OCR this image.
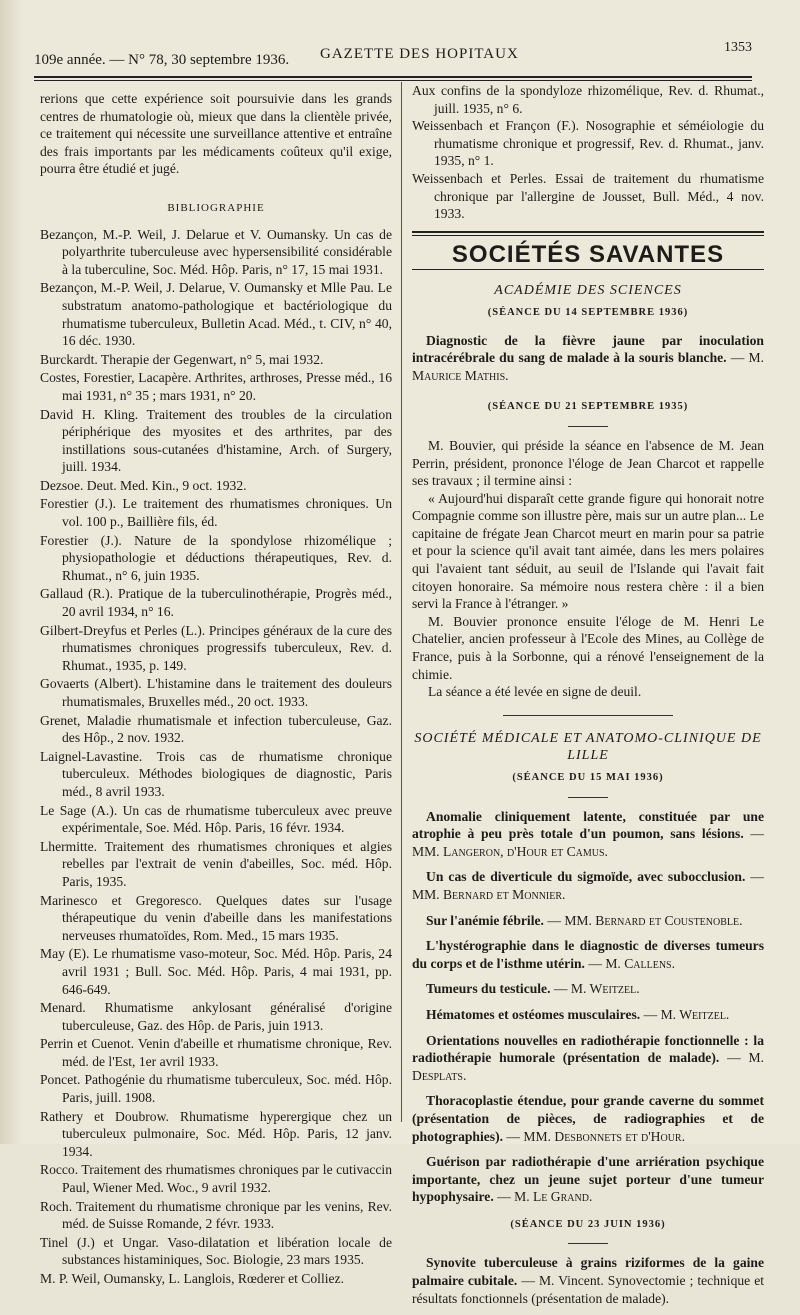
109e année. — N° 78, 30 septembre 1936. GAZETTE DES HOPITAUX	1353

rerions que cette expérience soit poursuivie dans les grands centres de rhumatologie où, mieux que dans la clientèle privée, ce traitement qui nécessite une surveillance attentive et entraîne des frais importants par les médicaments coûteux qu'il exige, pourra être étudié et jugé.

BIBLIOGRAPHIE

Bezançon, M.-P. Weil, J. Delarue et V. Oumansky. Un cas de polyarthrite tuberculeuse avec hypersensibilité considérable à la tuberculine, Soc. Méd. Hôp. Paris, n° 17, 15 mai 1931.

Bezançon, M.-P. Weil, J. Delarue, V. Oumansky et Mlle Pau. Le substratum anatomo-pathologique et bactériologique du rhumatisme tuberculeux, Bulletin Acad. Méd., t. CIV, n° 40, 16 déc. 1930.

Burckardt. Therapie der Gegenwart, n° 5, mai 1932.

Costes, Forestier, Lacapère. Arthrites, arthroses, Presse méd., 16 mai 1931, n° 35 ; mars 1931, n° 20.

David H. Kling. Traitement des troubles de la circulation périphérique des myosites et des arthrites, par des instillations sous-cutanées d'histamine, Arch. of Surgery, juill. 1934.

Dezsoe. Deut. Med. Kin., 9 oct. 1932.

Forestier (J.). Le traitement des rhumatismes chroniques. Un vol. 100 p., Baillière fils, éd.

Forestier (J.). Nature de la spondylose rhizomélique ; physiopathologie et déductions thérapeutiques, Rev. d. Rhumat., n° 6, juin 1935.

Gallaud (R.). Pratique de la tuberculinothérapie, Progrès méd., 20 avril 1934, n° 16.

Gilbert-Dreyfus et Perles (L.). Principes généraux de la cure des rhumatismes chroniques progressifs tuberculeux, Rev. d. Rhumat., 1935, p. 149.

Govaerts (Albert). L'histamine dans le traitement des douleurs rhumatismales, Bruxelles méd., 20 oct. 1933.

Grenet, Maladie rhumatismale et infection tuberculeuse, Gaz. des Hôp., 2 nov. 1932.

Laignel-Lavastine. Trois cas de rhumatisme chronique tuberculeux. Méthodes biologiques de diagnostic, Paris méd., 8 avril 1933.

Le Sage (A.). Un cas de rhumatisme tuberculeux avec preuve expérimentale, Soe. Méd. Hôp. Paris, 16 févr. 1934.

Lhermitte. Traitement des rhumatismes chroniques et algies rebelles par l'extrait de venin d'abeilles, Soc. méd. Hôp. Paris, 1935.

Marinesco et Gregoresco. Quelques dates sur l'usage thérapeutique du venin d'abeille dans les manifestations nerveuses rhumatoïdes, Rom. Med., 15 mars 1935.

May (E). Le rhumatisme vaso-moteur, Soc. Méd. Hôp. Paris, 24 avril 1931 ; Bull. Soc. Méd. Hôp. Paris, 4 mai 1931, pp. 646-649.

Menard. Rhumatisme ankylosant généralisé d'origine tuberculeuse, Gaz. des Hôp. de Paris, juin 1913.

Perrin et Cuenot. Venin d'abeille et rhumatisme chronique, Rev. méd. de l'Est, 1er avril 1933.

Poncet. Pathogénie du rhumatisme tuberculeux, Soc. méd. Hôp. Paris, juill. 1908.

Rathery et Doubrow. Rhumatisme hyperergique chez un tuberculeux pulmonaire, Soc. Méd. Hôp. Paris, 12 janv. 1934.

Rocco. Traitement des rhumatismes chroniques par le cutivaccin Paul, Wiener Med. Woc., 9 avril 1932.

Roch. Traitement du rhumatisme chronique par les venins, Rev. méd. de Suisse Romande, 2 févr. 1933.

Tinel (J.) et Ungar. Vaso-dilatation et libération locale de substances histaminiques, Soc. Biologie, 23 mars 1935.

M. P. Weil, Oumansky, L. Langlois, Rœderer et Colliez.

Aux confins de la spondyloze rhizomélique, Rev. d. Rhumat., juill. 1935, n° 6.

Weissenbach et Françon (F.). Nosographie et séméiologie du rhumatisme chronique et progressif, Rev. d. Rhumat., janv. 1935, n° 1.

Weissenbach et Perles. Essai de traitement du rhumatisme chronique par l'allergine de Jousset, Bull. Méd., 4 nov. 1933.

SOCIÉTÉS SAVANTES
ACADÉMIE DES SCIENCES
(SÉANCE DU 14 SEPTEMBRE 1936)

Diagnostic de la fièvre jaune par inoculation intracérébrale du sang de malade à la souris blanche. — M. Maurice Mathis.

(SÉANCE DU 21 SEPTEMBRE 1935)

M. Bouvier, qui préside la séance en l'absence de M. Jean Perrin, président, prononce l'éloge de Jean Charcot et rappelle ses travaux ; il termine ainsi :

« Aujourd'hui disparaît cette grande figure qui honorait notre Compagnie comme son illustre père, mais sur un autre plan... Le capitaine de frégate Jean Charcot meurt en marin pour sa patrie et pour la science qu'il avait tant aimée, dans les mers polaires qui l'avaient tant séduit, au seuil de l'Islande qui l'avait fait citoyen honoraire. Sa mémoire nous restera chère : il a bien servi la France à l'étranger. »

M. Bouvier prononce ensuite l'éloge de M. Henri Le Chatelier, ancien professeur à l'Ecole des Mines, au Collège de France, puis à la Sorbonne, qui a rénové l'enseignement de la chimie.

La séance a été levée en signe de deuil.

SOCIÉTÉ MÉDICALE ET ANATOMO-CLINIQUE DE LILLE
(SÉANCE DU 15 MAI 1936)

Anomalie cliniquement latente, constituée par une atrophie à peu près totale d'un poumon, sans lésions. — MM. Langeron, d'Hour et Camus.

Un cas de diverticule du sigmoïde, avec subocclusion. — MM. Bernard et Monnier.

Sur l'anémie fébrile. — MM. Bernard et Coustenoble.

L'hystérographie dans le diagnostic de diverses tumeurs du corps et de l'isthme utérin. — M. Callens.

Tumeurs du testicule. — M. Weitzel.

Hématomes et ostéomes musculaires. — M. Weitzel.

Orientations nouvelles en radiothérapie fonctionnelle : la radiothérapie humorale (présentation de malade). — M. Desplats.

Thoracoplastie étendue, pour grande caverne du sommet (présentation de pièces, de radiographies et de photographies). — MM. Desbonnets et d'Hour.

Guérison par radiothérapie d'une arriération psychique importante, chez un jeune sujet porteur d'une tumeur hypophysaire. — M. Le Grand.

(SÉANCE DU 23 JUIN 1936)

Synovite tuberculeuse à grains riziformes de la gaine palmaire cubitale. — M. Vincent. Synovectomie ; technique et résultats fonctionnels (présentation de malade).
